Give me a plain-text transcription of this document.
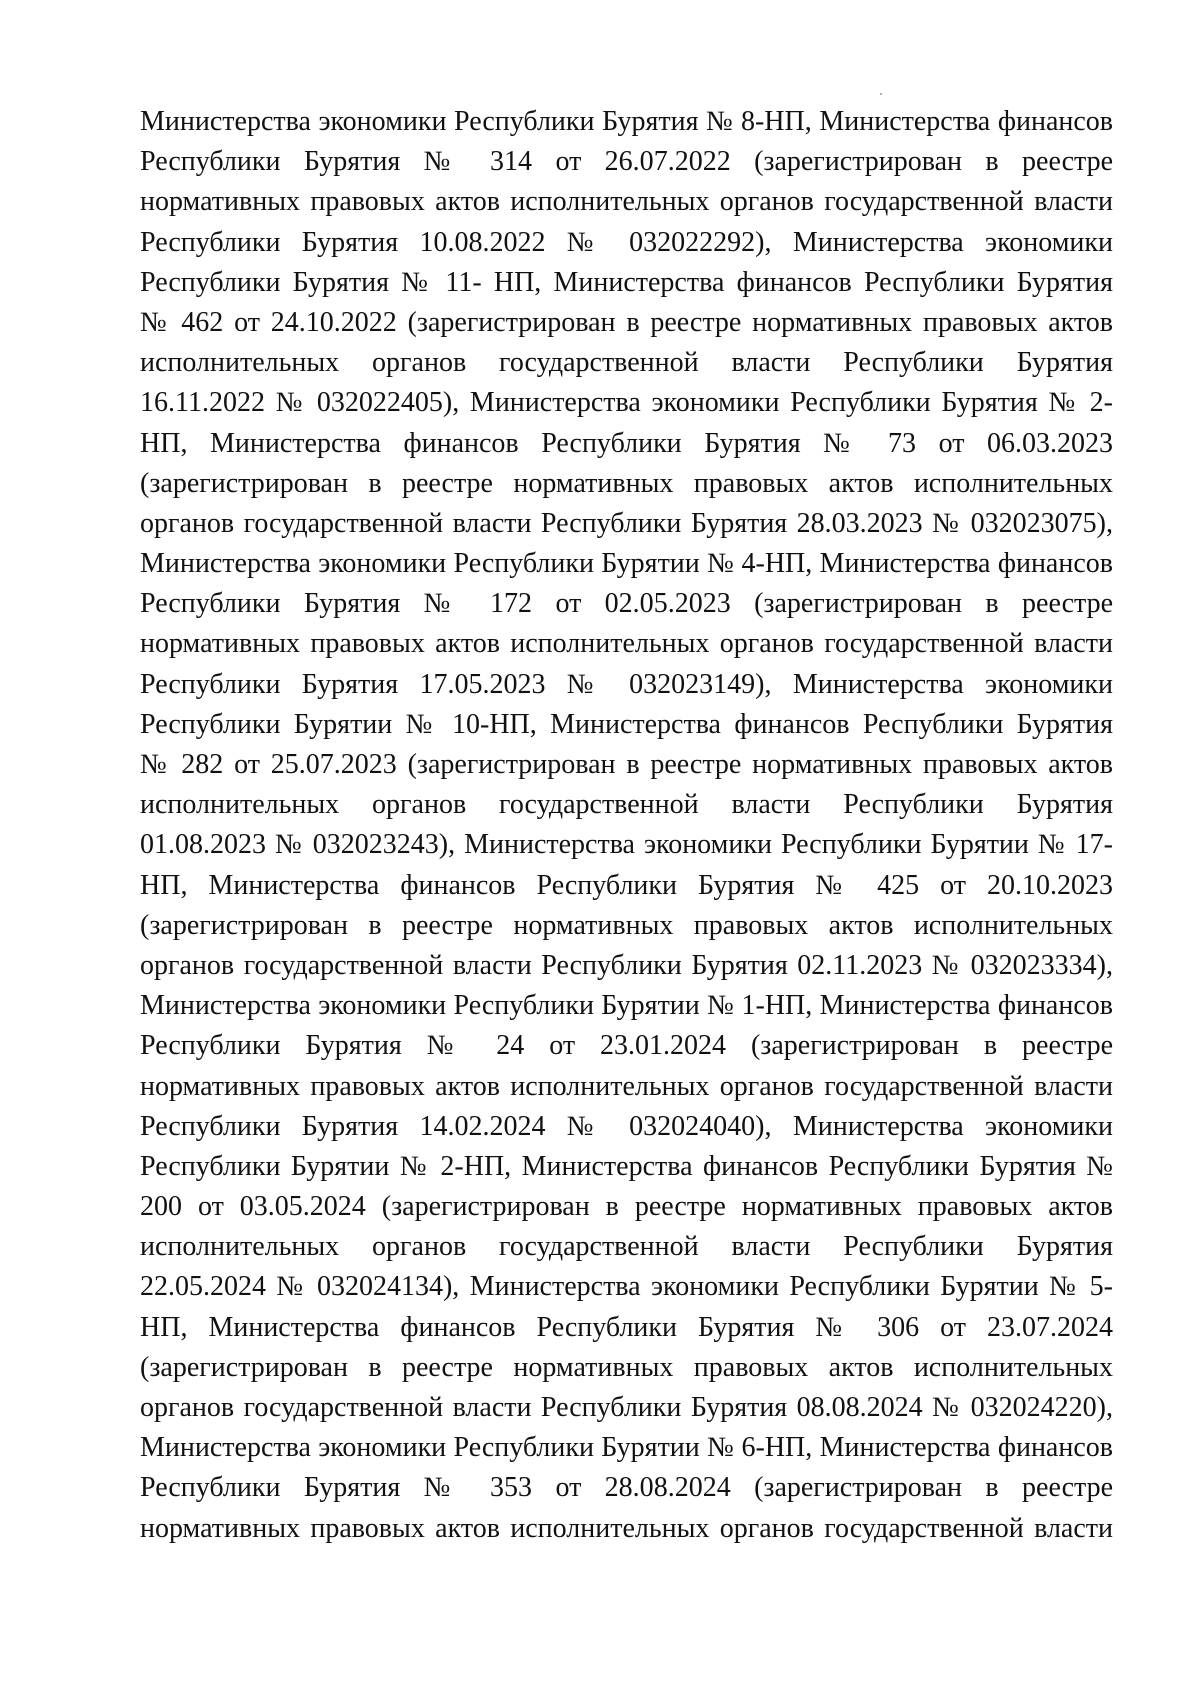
Министерства экономики Республики Бурятия № 8-НП, Министерства финансов
Республики Бурятия № 314 от 26.07.2022 (зарегистрирован в реестре
нормативных правовых актов исполнительных органов государственной власти
Республики Бурятия 10.08.2022 № 032022292), Министерства экономики
Республики Бурятия № 11- НП, Министерства финансов Республики Бурятия
№ 462 от 24.10.2022 (зарегистрирован в реестре нормативных правовых актов
исполнительных органов государственной власти Республики Бурятия
16.11.2022 № 032022405), Министерства экономики Республики Бурятия № 2-
НП, Министерства финансов Республики Бурятия № 73 от 06.03.2023
(зарегистрирован в реестре нормативных правовых актов исполнительных
органов государственной власти Республики Бурятия 28.03.2023 № 032023075),
Министерства экономики Республики Бурятии № 4-НП, Министерства финансов
Республики Бурятия № 172 от 02.05.2023 (зарегистрирован в реестре
нормативных правовых актов исполнительных органов государственной власти
Республики Бурятия 17.05.2023 № 032023149), Министерства экономики
Республики Бурятии № 10-НП, Министерства финансов Республики Бурятия
№ 282 от 25.07.2023 (зарегистрирован в реестре нормативных правовых актов
исполнительных органов государственной власти Республики Бурятия
01.08.2023 № 032023243), Министерства экономики Республики Бурятии № 17-
НП, Министерства финансов Республики Бурятия № 425 от 20.10.2023
(зарегистрирован в реестре нормативных правовых актов исполнительных
органов государственной власти Республики Бурятия 02.11.2023 № 032023334),
Министерства экономики Республики Бурятии № 1-НП, Министерства финансов
Республики Бурятия № 24 от 23.01.2024 (зарегистрирован в реестре
нормативных правовых актов исполнительных органов государственной власти
Республики Бурятия 14.02.2024 № 032024040), Министерства экономики
Республики Бурятии № 2-НП, Министерства финансов Республики Бурятия №
200 от 03.05.2024 (зарегистрирован в реестре нормативных правовых актов
исполнительных органов государственной власти Республики Бурятия
22.05.2024 № 032024134), Министерства экономики Республики Бурятии № 5-
НП, Министерства финансов Республики Бурятия № 306 от 23.07.2024
(зарегистрирован в реестре нормативных правовых актов исполнительных
органов государственной власти Республики Бурятия 08.08.2024 № 032024220),
Министерства экономики Республики Бурятии № 6-НП, Министерства финансов
Республики Бурятия № 353 от 28.08.2024 (зарегистрирован в реестре
нормативных правовых актов исполнительных органов государственной власти
